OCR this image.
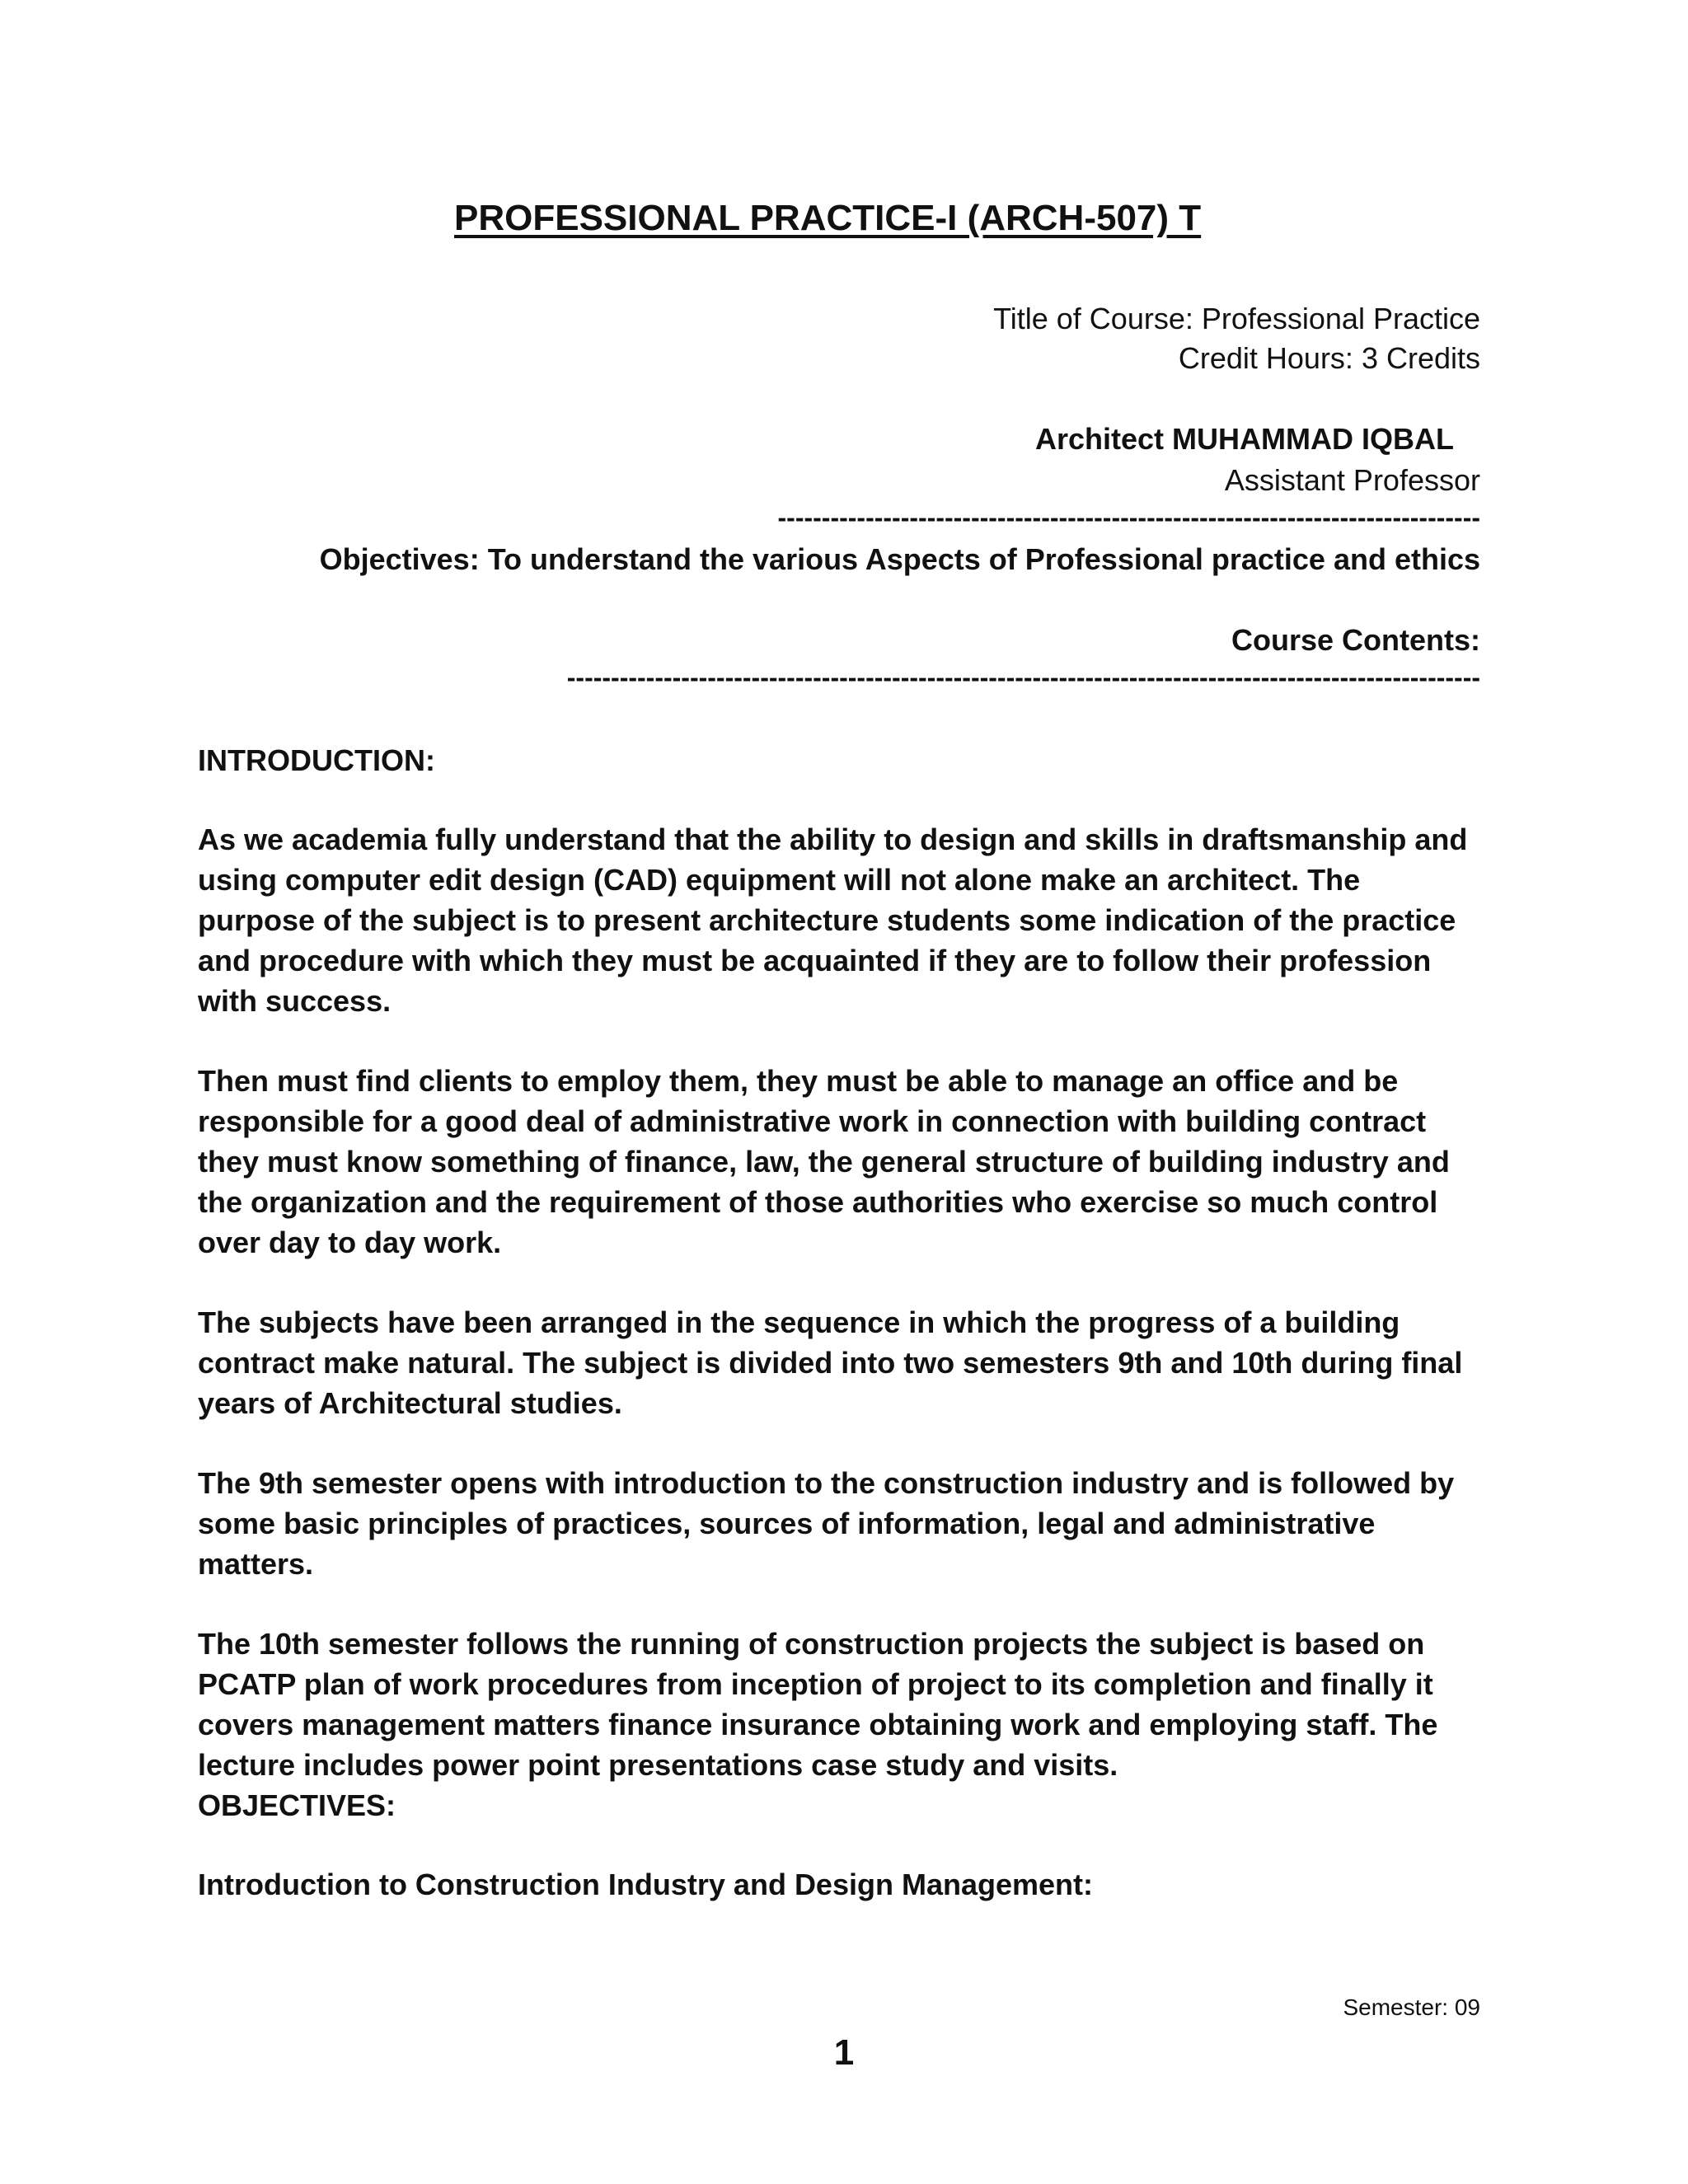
PROFESSIONAL PRACTICE-I (ARCH-507) T
Title of Course: Professional Practice
Credit Hours: 3 Credits
Architect MUHAMMAD IQBAL
Assistant Professor
--------------------------------------------------------------------------------
Objectives: To understand the various Aspects of Professional practice and ethics
Course Contents:
--------------------------------------------------------------------------------------------------------
INTRODUCTION:

As we academia fully understand that the ability to design and skills in draftsmanship and using computer edit design (CAD) equipment will not alone make an architect. The purpose of the subject is to present architecture students some indication of the practice and procedure with which they must be acquainted if they are to follow their profession with success.

Then must find clients to employ them, they must be able to manage an office and be responsible for a good deal of administrative work in connection with building contract they must know something of finance, law, the general structure of building industry and the organization and the requirement of those authorities who exercise so much control over day to day work.

The subjects have been arranged in the sequence in which the progress of a building contract make natural. The subject is divided into two semesters 9th and 10th during final years of Architectural studies.

The 9th semester opens with introduction to the construction industry and is followed by some basic principles of practices, sources of information, legal and administrative matters.

The 10th semester follows the running of construction projects the subject is based on PCATP plan of work procedures from inception of project to its completion and finally it covers management matters finance insurance obtaining work and employing staff. The lecture includes power point presentations case study and visits.

OBJECTIVES:
Introduction to Construction Industry and Design Management:
Semester: 09
1
